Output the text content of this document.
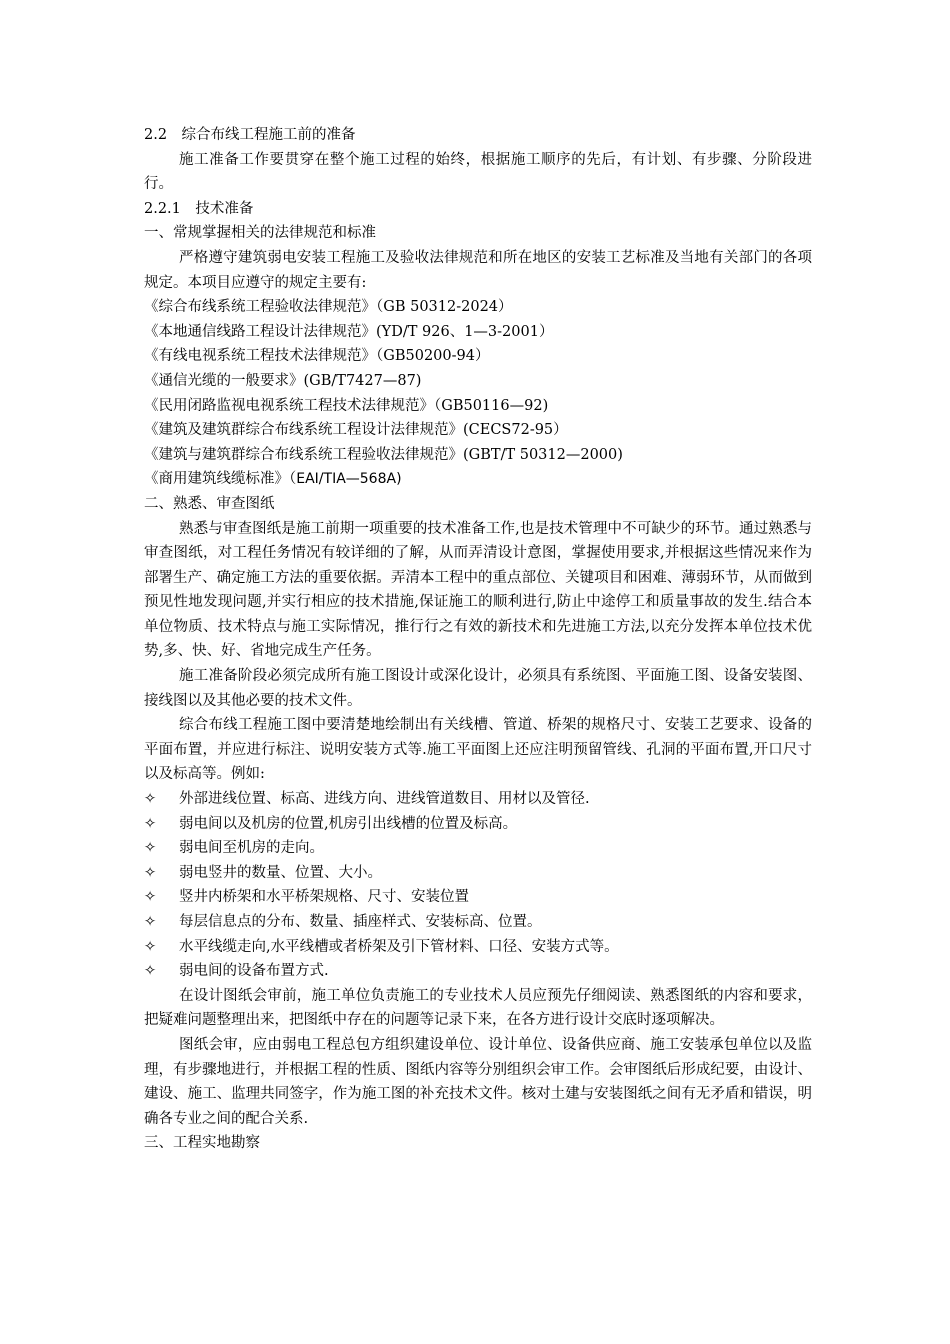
2.2　综合布线工程施工前的准备
施工准备工作要贯穿在整个施工过程的始终，根据施工顺序的先后，有计划、有步骤、分阶段进行。
2.2.1　技术准备
一、常规掌握相关的法律规范和标准
严格遵守建筑弱电安装工程施工及验收法律规范和所在地区的安装工艺标准及当地有关部门的各项规定。本项目应遵守的规定主要有:
《综合布线系统工程验收法律规范》（GB 50312-2024）
《本地通信线路工程设计法律规范》(YD/T 926、1—3-2001）
《有线电视系统工程技术法律规范》（GB50200-94）
《通信光缆的一般要求》(GB/T7427—87)
《民用闭路监视电视系统工程技术法律规范》（GB50116—92)
《建筑及建筑群综合布线系统工程设计法律规范》(CECS72-95）
《建筑与建筑群综合布线系统工程验收法律规范》(GBT/T 50312—2000)
《商用建筑线缆标准》（EAI/TIA—568A)
二、熟悉、审查图纸
熟悉与审查图纸是施工前期一项重要的技术准备工作,也是技术管理中不可缺少的环节。通过熟悉与审查图纸，对工程任务情况有较详细的了解，从而弄清设计意图，掌握使用要求,并根据这些情况来作为部署生产、确定施工方法的重要依据。弄清本工程中的重点部位、关键项目和困难、薄弱环节，从而做到预见性地发现问题,并实行相应的技术措施,保证施工的顺利进行,防止中途停工和质量事故的发生.结合本单位物质、技术特点与施工实际情况，推行行之有效的新技术和先进施工方法,以充分发挥本单位技术优势,多、快、好、省地完成生产任务。
施工准备阶段必须完成所有施工图设计或深化设计，必须具有系统图、平面施工图、设备安装图、接线图以及其他必要的技术文件。
综合布线工程施工图中要清楚地绘制出有关线槽、管道、桥架的规格尺寸、安装工艺要求、设备的平面布置，并应进行标注、说明安装方式等.施工平面图上还应注明预留管线、孔洞的平面布置,开口尺寸以及标高等。例如:
✧	外部进线位置、标高、进线方向、进线管道数目、用材以及管径.
✧	弱电间以及机房的位置,机房引出线槽的位置及标高。
✧	弱电间至机房的走向。
✧	弱电竖井的数量、位置、大小。
✧	竖井内桥架和水平桥架规格、尺寸、安装位置
✧	每层信息点的分布、数量、插座样式、安装标高、位置。
✧	水平线缆走向,水平线槽或者桥架及引下管材料、口径、安装方式等。
✧	弱电间的设备布置方式.
在设计图纸会审前，施工单位负责施工的专业技术人员应预先仔细阅读、熟悉图纸的内容和要求，把疑难问题整理出来，把图纸中存在的问题等记录下来，在各方进行设计交底时逐项解决。
图纸会审，应由弱电工程总包方组织建设单位、设计单位、设备供应商、施工安装承包单位以及监理，有步骤地进行，并根据工程的性质、图纸内容等分别组织会审工作。会审图纸后形成纪要，由设计、建设、施工、监理共同签字，作为施工图的补充技术文件。核对土建与安装图纸之间有无矛盾和错误，明确各专业之间的配合关系.
三、工程实地勘察
